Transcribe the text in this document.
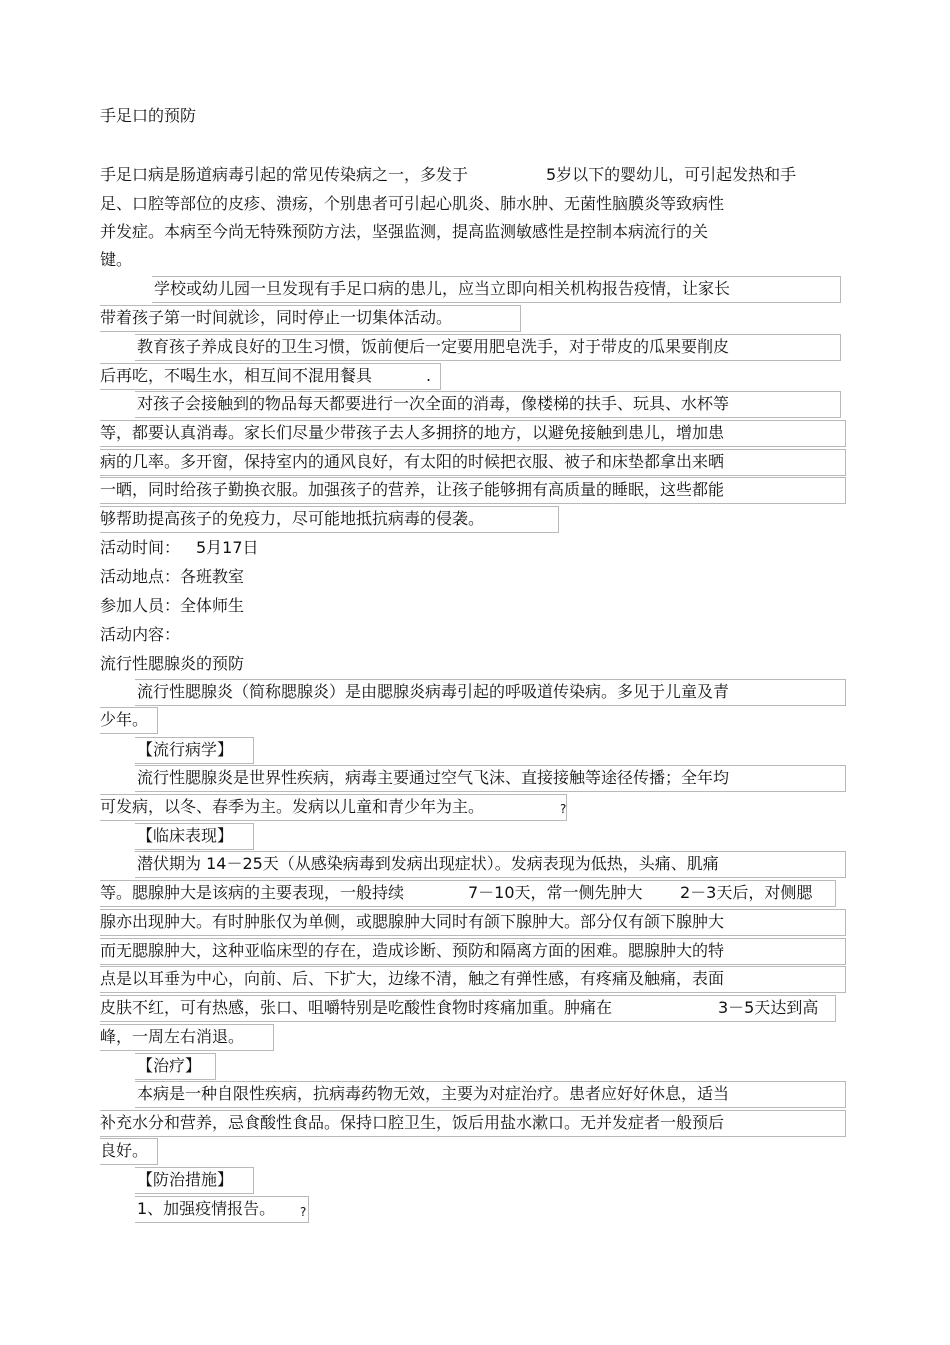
手足口的预防
手足口病是肠道病毒引起的常见传染病之一，多发于	5岁以下的婴幼儿，可引起发热和手
足、口腔等部位的皮疹、溃疡，个别患者可引起心肌炎、肺水肿、无菌性脑膜炎等致病性
并发症。本病至今尚无特殊预防方法，坚强监测，提高监测敏感性是控制本病流行的关
键。
学校或幼儿园一旦发现有手足口病的患儿，应当立即向相关机构报告疫情，让家长
带着孩子第一时间就诊，同时停止一切集体活动。
教育孩子养成良好的卫生习惯，饭前便后一定要用肥皂洗手，对于带皮的瓜果要削皮
后再吃，不喝生水，相互间不混用餐具	.
对孩子会接触到的物品每天都要进行一次全面的消毒，像楼梯的扶手、玩具、水杯等
等，都要认真消毒。家长们尽量少带孩子去人多拥挤的地方，以避免接触到患儿，增加患
病的几率。多开窗，保持室内的通风良好，有太阳的时候把衣服、被子和床垫都拿出来晒
一晒，同时给孩子勤换衣服。加强孩子的营养，让孩子能够拥有高质量的睡眠，这些都能
够帮助提高孩子的免疫力，尽可能地抵抗病毒的侵袭。
活动时间： 5月17日
活动地点：各班教室
参加人员：全体师生
活动内容：
流行性腮腺炎的预防
流行性腮腺炎（简称腮腺炎）是由腮腺炎病毒引起的呼吸道传染病。多见于儿童及青
少年。
【流行病学】
流行性腮腺炎是世界性疾病，病毒主要通过空气飞沫、直接接触等途径传播；全年均
可发病，以冬、春季为主。发病以儿童和青少年为主。	?
【临床表现】
潜伏期为 14－25天（从感染病毒到发病出现症状）。发病表现为低热，头痛、肌痛
等。腮腺肿大是该病的主要表现，一般持续	7－10天，常一侧先肿大 2－3天后，对侧腮
腺亦出现肿大。有时肿胀仅为单侧，或腮腺肿大同时有颌下腺肿大。部分仅有颌下腺肿大
而无腮腺肿大，这种亚临床型的存在，造成诊断、预防和隔离方面的困难。腮腺肿大的特
点是以耳垂为中心，向前、后、下扩大，边缘不清，触之有弹性感，有疼痛及触痛，表面
皮肤不红，可有热感，张口、咀嚼特别是吃酸性食物时疼痛加重。肿痛在	3－5天达到高
峰，一周左右消退。
【治疗】
本病是一种自限性疾病，抗病毒药物无效，主要为对症治疗。患者应好好休息，适当
补充水分和营养，忌食酸性食品。保持口腔卫生，饭后用盐水漱口。无并发症者一般预后
良好。
【防治措施】
1、加强疫情报告。 ?
